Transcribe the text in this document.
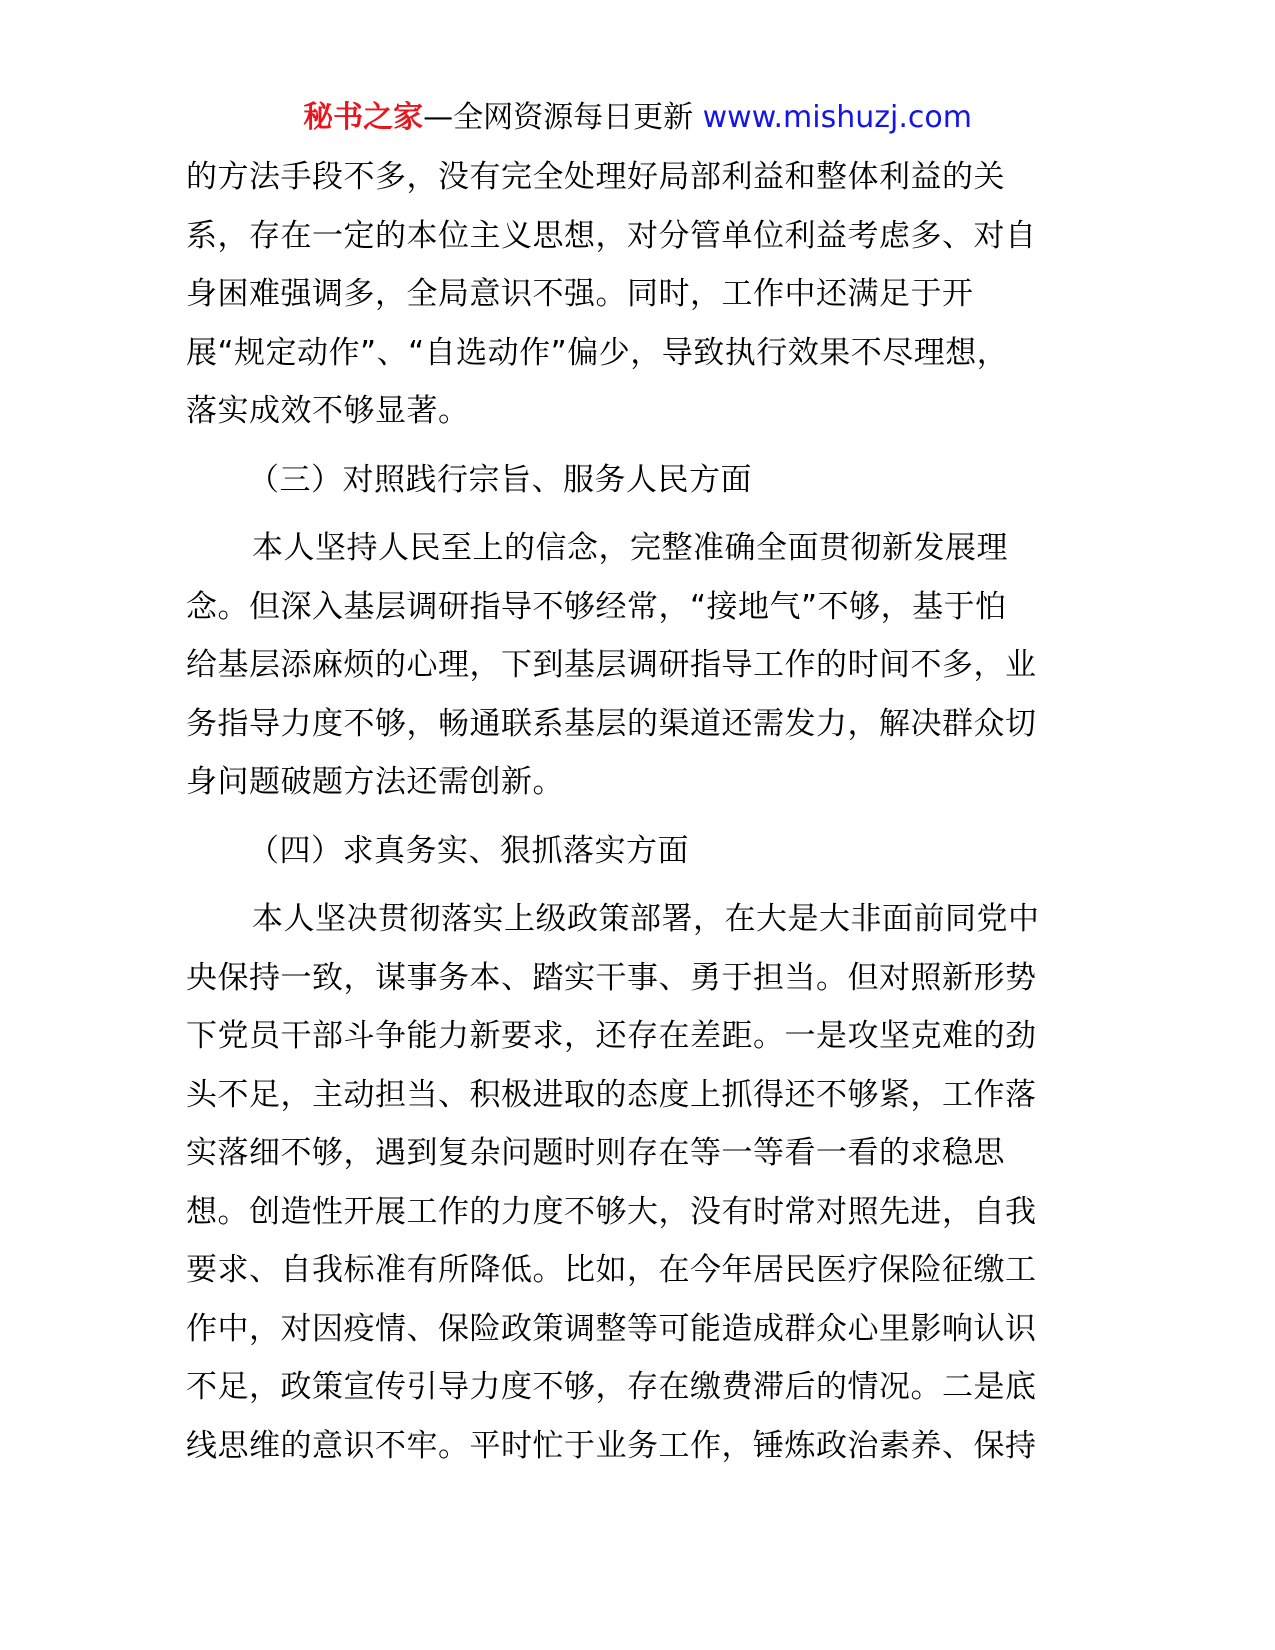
秘书之家—全网资源每日更新 www.mishuzj.com
的方法手段不多，没有完全处理好局部利益和整体利益的关
系，存在一定的本位主义思想，对分管单位利益考虑多、对自
身困难强调多，全局意识不强。同时，工作中还满足于开
展“规定动作”、“自选动作”偏少，导致执行效果不尽理想，
落实成效不够显著。
（三）对照践行宗旨、服务人民方面
本人坚持人民至上的信念，完整准确全面贯彻新发展理
念。但深入基层调研指导不够经常，“接地气”不够，基于怕
给基层添麻烦的心理，下到基层调研指导工作的时间不多，业
务指导力度不够，畅通联系基层的渠道还需发力，解决群众切
身问题破题方法还需创新。
（四）求真务实、狠抓落实方面
本人坚决贯彻落实上级政策部署，在大是大非面前同党中
央保持一致，谋事务本、踏实干事、勇于担当。但对照新形势
下党员干部斗争能力新要求，还存在差距。一是攻坚克难的劲
头不足，主动担当、积极进取的态度上抓得还不够紧，工作落
实落细不够，遇到复杂问题时则存在等一等看一看的求稳思
想。创造性开展工作的力度不够大，没有时常对照先进，自我
要求、自我标准有所降低。比如，在今年居民医疗保险征缴工
作中，对因疫情、保险政策调整等可能造成群众心里影响认识
不足，政策宣传引导力度不够，存在缴费滞后的情况。二是底
线思维的意识不牢。平时忙于业务工作，锤炼政治素养、保持
